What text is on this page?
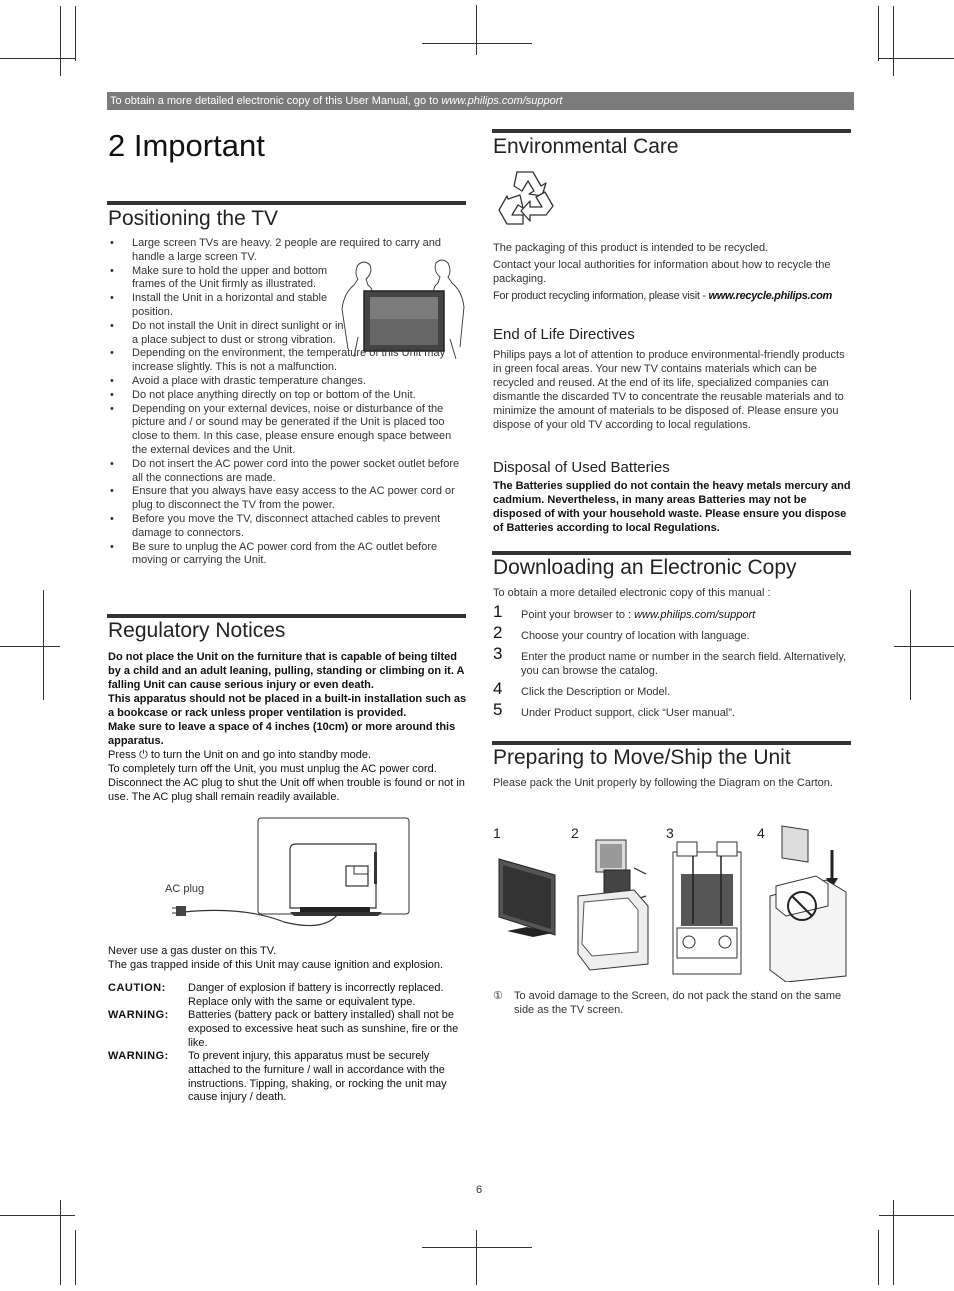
To obtain a more detailed electronic copy of this User Manual, go to www.philips.com/support
2 Important
Positioning the TV
• Large screen TVs are heavy. 2 people are required to carry and handle a large screen TV.
• Make sure to hold the upper and bottom frames of the Unit firmly as illustrated.
• Install the Unit in a horizontal and stable position.
• Do not install the Unit in direct sunlight or in a place subject to dust or strong vibration.
• Depending on the environment, the temperature of this Unit may increase slightly. This is not a malfunction.
• Avoid a place with drastic temperature changes.
• Do not place anything directly on top or bottom of the Unit.
• Depending on your external devices, noise or disturbance of the picture and / or sound may be generated if the Unit is placed too close to them. In this case, please ensure enough space between the external devices and the Unit.
• Do not insert the AC power cord into the power socket outlet before all the connections are made.
• Ensure that you always have easy access to the AC power cord or plug to disconnect the TV from the power.
• Before you move the TV, disconnect attached cables to prevent damage to connectors.
• Be sure to unplug the AC power cord from the AC outlet before moving or carrying the Unit.
Regulatory Notices
Do not place the Unit on the furniture that is capable of being tilted by a child and an adult leaning, pulling, standing or climbing on it. A falling Unit can cause serious injury or even death.
This apparatus should not be placed in a built-in installation such as a bookcase or rack unless proper ventilation is provided.
Make sure to leave a space of 4 inches (10cm) or more around this apparatus.
Press ⏻ to turn the Unit on and go into standby mode.
To completely turn off the Unit, you must unplug the AC power cord.
Disconnect the AC plug to shut the Unit off when trouble is found or not in use. The AC plug shall remain readily available.
AC plug
Never use a gas duster on this TV.
The gas trapped inside of this Unit may cause ignition and explosion.
CAUTION: Danger of explosion if battery is incorrectly replaced. Replace only with the same or equivalent type.
WARNING: Batteries (battery pack or battery installed) shall not be exposed to excessive heat such as sunshine, fire or the like.
WARNING: To prevent injury, this apparatus must be securely attached to the furniture / wall in accordance with the instructions. Tipping, shaking, or rocking the unit may cause injury / death.
Environmental Care
The packaging of this product is intended to be recycled.
Contact your local authorities for information about how to recycle the packaging.
For product recycling information, please visit - www.recycle.philips.com
End of Life Directives
Philips pays a lot of attention to produce environmental-friendly products in green focal areas. Your new TV contains materials which can be recycled and reused. At the end of its life, specialized companies can dismantle the discarded TV to concentrate the reusable materials and to minimize the amount of materials to be disposed of. Please ensure you dispose of your old TV according to local regulations.
Disposal of Used Batteries
The Batteries supplied do not contain the heavy metals mercury and cadmium. Nevertheless, in many areas Batteries may not be disposed of with your household waste. Please ensure you dispose of Batteries according to local Regulations.
Downloading an Electronic Copy
To obtain a more detailed electronic copy of this manual :
1 Point your browser to : www.philips.com/support
2 Choose your country of location with language.
3 Enter the product name or number in the search field. Alternatively, you can browse the catalog.
4 Click the Description or Model.
5 Under Product support, click “User manual”.
Preparing to Move/Ship the Unit
Please pack the Unit properly by following the Diagram on the Carton.
1	2	3	4
① To avoid damage to the Screen, do not pack the stand on the same side as the TV screen.
6
